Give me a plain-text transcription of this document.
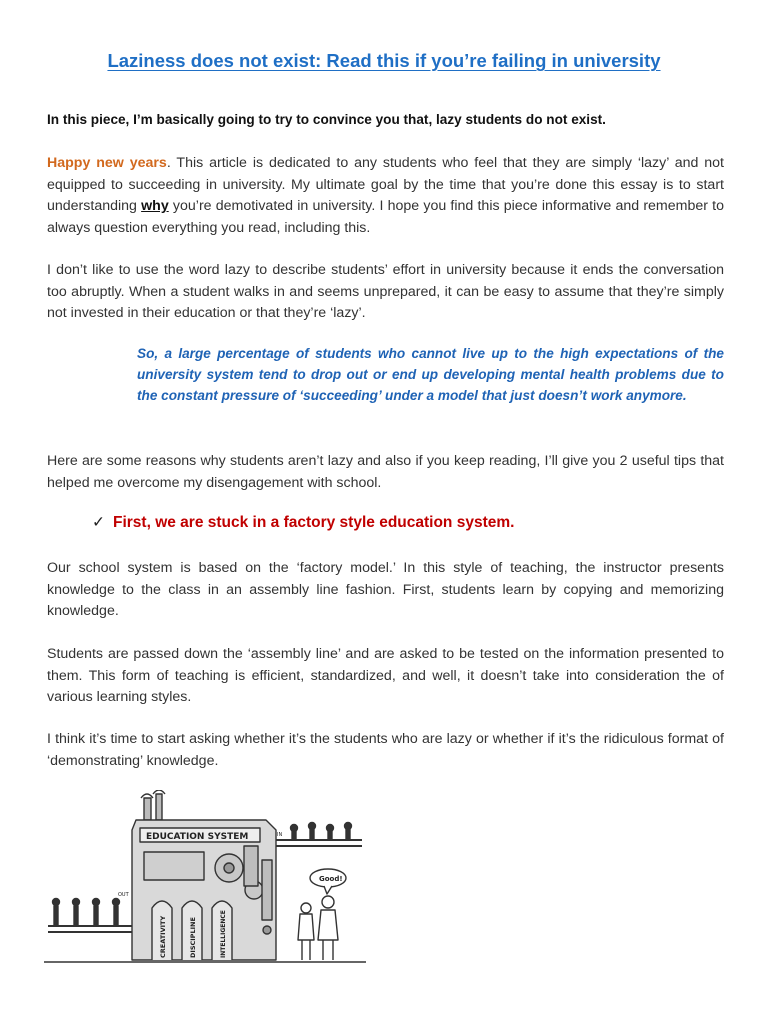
Laziness does not exist: Read this if you’re failing in university
In this piece, I’m basically going to try to convince you that, lazy students do not exist.
Happy new years. This article is dedicated to any students who feel that they are simply ‘lazy’ and not equipped to succeeding in university. My ultimate goal by the time that you’re done this essay is to start understanding why you’re demotivated in university. I hope you find this piece informative and remember to always question everything you read, including this.
I don’t like to use the word lazy to describe students’ effort in university because it ends the conversation too abruptly. When a student walks in and seems unprepared, it can be easy to assume that they’re simply not invested in their education or that they’re ‘lazy’.
So, a large percentage of students who cannot live up to the high expectations of the university system tend to drop out or end up developing mental health problems due to the constant pressure of ‘succeeding’ under a model that just doesn’t work anymore.
Here are some reasons why students aren’t lazy and also if you keep reading, I’ll give you 2 useful tips that helped me overcome my disengagement with school.
✓ First, we are stuck in a factory style education system.
Our school system is based on the ‘factory model.’ In this style of teaching, the instructor presents knowledge to the class in an assembly line fashion. First, students learn by copying and memorizing knowledge.
Students are passed down the ‘assembly line’ and are asked to be tested on the information presented to them. This form of teaching is efficient, standardized, and well, it doesn’t take into consideration the of various learning styles.
I think it’s time to start asking whether it’s the students who are lazy or whether if it’s the ridiculous format of ‘demonstrating’ knowledge.
EDUCATION SYSTEM	IN
OUT
Good!
CREATIVITY	DISCIPLINE	INTELLIGENCE
